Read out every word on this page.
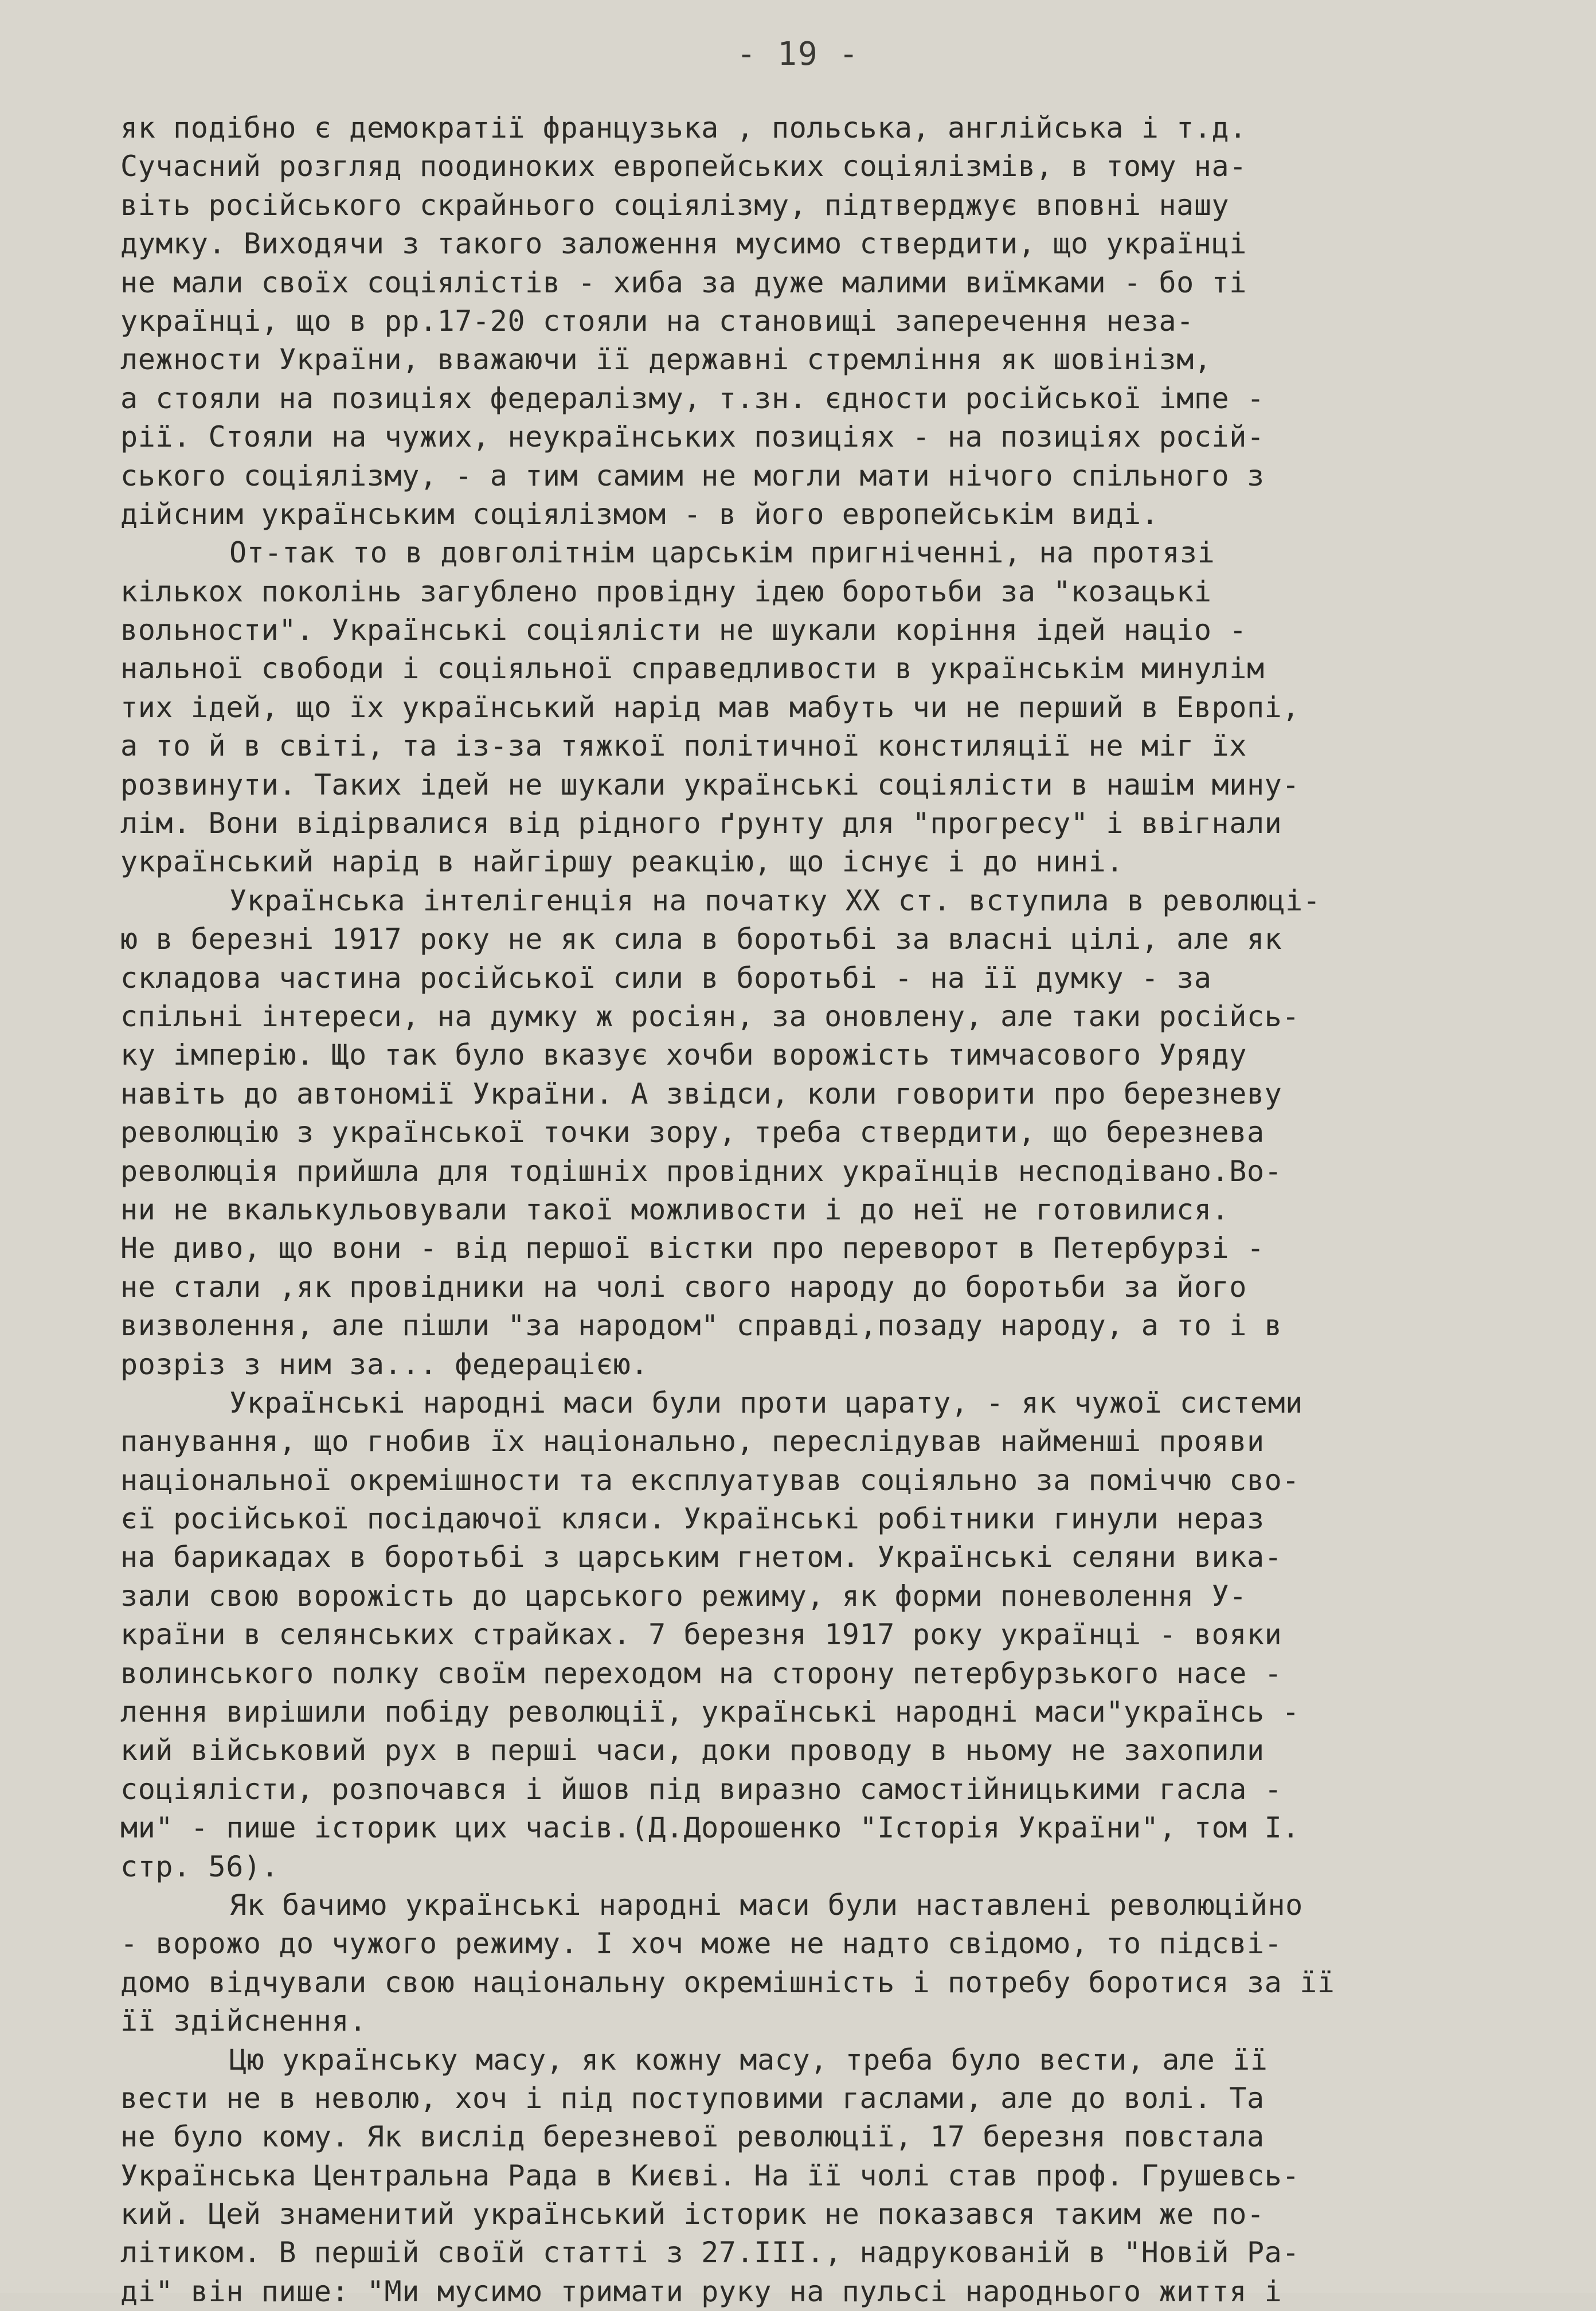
- 19 -
як подібно є демократії французька , польська, англійська і т.д.
Сучасний розгляд поодиноких европейських соціялізмів, в тому на-
віть російського скрайнього соціялізму, підтверджує вповні нашу
думку. Виходячи з такого заложення мусимо ствердити, що українці
не мали своїх соціялістів - хиба за дуже малими виїмками - бо ті
українці, що в рр.17-20 стояли на становищі заперечення неза-
лежности України, вважаючи її державні стремління як шовінізм,
а стояли на позиціях федералізму, т.зн. єдности російської імпе -
рії. Стояли на чужих, неукраїнських позиціях - на позиціях росій-
ського соціялізму, - а тим самим не могли мати нічого спільного з
дійсним українським соціялізмом - в його европейськім виді.
От-так то в довголітнім царськім пригніченні, на протязі
кількох поколінь загублено провідну ідею боротьби за "козацькі
вольности". Українські соціялісти не шукали коріння ідей націо -
нальної свободи і соціяльної справедливости в українськім минулім
тих ідей, що їх український нарід мав мабуть чи не перший в Европі,
а то й в світі, та із-за тяжкої політичної констиляції не міг їх
розвинути. Таких ідей не шукали українські соціялісти в нашім мину-
лім. Вони відірвалися від рідного ґрунту для "прогресу" і ввігнали
український нарід в найгіршу реакцію, що існує і до нині.
Українська інтелігенція на початку XX ст. вступила в революці-
ю в березні 1917 року не як сила в боротьбі за власні цілі, але як
складова частина російської сили в боротьбі - на її думку - за
спільні інтереси, на думку ж росіян, за оновлену, але таки російсь-
ку імперію. Що так було вказує хочби ворожість тимчасового Уряду
навіть до автономії України. А звідси, коли говорити про березневу
революцію з української точки зору, треба ствердити, що березнева
революція прийшла для тодішніх провідних українців несподівано.Во-
ни не вкалькульовували такої можливости і до неї не готовилися.
Не диво, що вони - від першої вістки про переворот в Петербурзі -
не стали ,як провідники на чолі свого народу до боротьби за його
визволення, але пішли "за народом" справді,позаду народу, а то і в
розріз з ним за... федерацією.
Українські народні маси були проти царату, - як чужої системи
панування, що гнобив їх національно, переслідував найменші прояви
національної окремішности та експлуатував соціяльно за поміччю сво-
єї російської посідаючої кляси. Українські робітники гинули нераз
на барикадах в боротьбі з царським гнетом. Українські селяни вика-
зали свою ворожість до царського режиму, як форми поневолення У-
країни в селянських страйках. 7 березня 1917 року українці - вояки
волинського полку своїм переходом на сторону петербурзького насе -
лення вирішили побіду революції, українські народні маси"українсь -
кий військовий рух в перші часи, доки проводу в ньому не захопили
соціялісти, розпочався і йшов під виразно самостійницькими гасла -
ми" - пише історик цих часів.(Д.Дорошенко "Історія України", том I.
стр. 56).
Як бачимо українські народні маси були наставлені революційно
- ворожо до чужого режиму. І хоч може не надто свідомо, то підсві-
домо відчували свою національну окремішність і потребу боротися за її
її здійснення.
Цю українську масу, як кожну масу, треба було вести, але її
вести не в неволю, хоч і під поступовими гаслами, але до волі. Та
не було кому. Як вислід березневої революції, 17 березня повстала
Українська Центральна Рада в Києві. На її чолі став проф. Грушевсь-
кий. Цей знаменитий український історик не показався таким же по-
літиком. В першій своїй статті з 27.III., надрукованій в "Новій Ра-
ді" він пише: "Ми мусимо тримати руку на пульсі народнього життя і
